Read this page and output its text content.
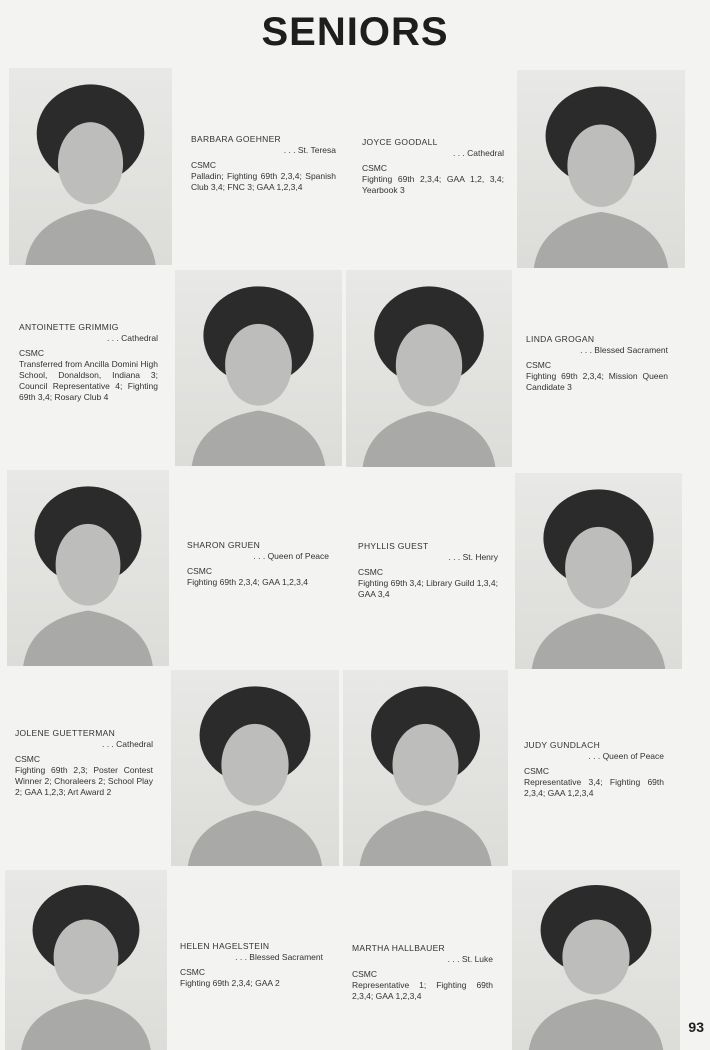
SENIORS
BARBARA GOEHNER
. . . St. Teresa
CSMC
Palladin; Fighting 69th 2,3,4; Spanish Club 3,4; FNC 3; GAA 1,2,3,4
JOYCE GOODALL
. . . Cathedral
CSMC
Fighting 69th 2,3,4; GAA 1,2, 3,4; Yearbook 3
ANTOINETTE GRIMMIG
. . . Cathedral
CSMC
Transferred from Ancilla Domini High School, Donaldson, Indiana 3; Council Representative 4; Fighting 69th 3,4; Rosary Club 4
LINDA GROGAN
. . . Blessed Sacrament
CSMC
Fighting 69th 2,3,4; Mission Queen Candidate 3
SHARON GRUEN
. . . Queen of Peace
CSMC
Fighting 69th 2,3,4; GAA 1,2,3,4
PHYLLIS GUEST
. . . St. Henry
CSMC
Fighting 69th 3,4; Library Guild 1,3,4; GAA 3,4
JOLENE GUETTERMAN
. . . Cathedral
CSMC
Fighting 69th 2,3; Poster Contest Winner 2; Choraleers 2; School Play 2; GAA 1,2,3; Art Award 2
JUDY GUNDLACH
. . . Queen of Peace
CSMC
Representative 3,4; Fighting 69th 2,3,4; GAA 1,2,3,4
HELEN HAGELSTEIN
. . . Blessed Sacrament
CSMC
Fighting 69th 2,3,4; GAA 2
MARTHA HALLBAUER
. . . St. Luke
CSMC
Representative 1; Fighting 69th 2,3,4; GAA 1,2,3,4
93
